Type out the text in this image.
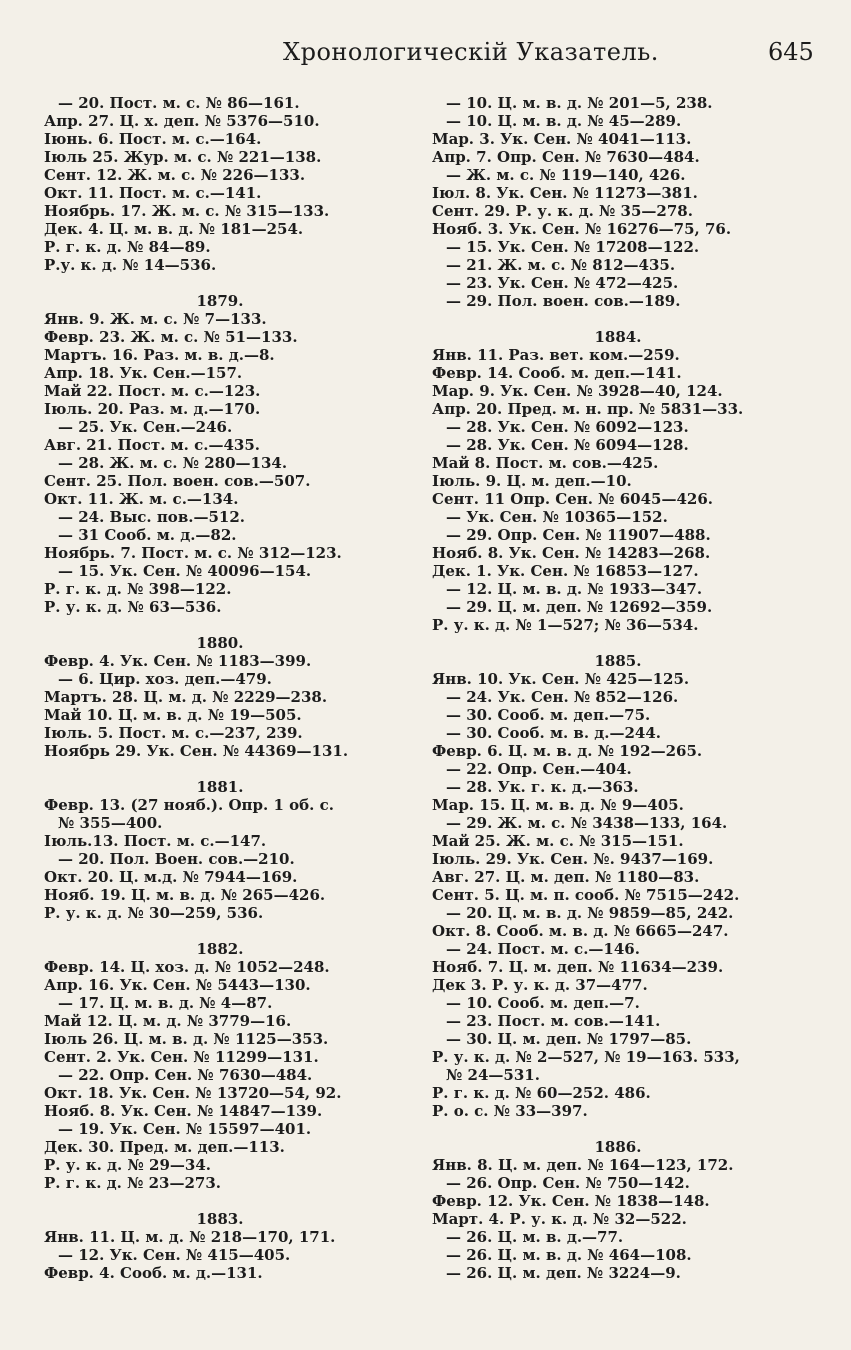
Хронологическій Указатель.	645
— 20. Пост. м. с. № 86—161.
Апр. 27. Ц. х. деп. № 5376—510.
Іюнь. 6. Пост. м. с.—164.
Іюль 25. Жур. м. с. № 221—138.
Сент. 12. Ж. м. с. № 226—133.
Окт. 11. Пост. м. с.—141.
Ноябрь. 17. Ж. м. с. № 315—133.
Дек. 4. Ц. м. в. д. № 181—254.
Р. г. к. д. № 84—89.
Р.у. к. д. № 14—536.
1879.
Янв. 9. Ж. м. с. № 7—133.
Февр. 23. Ж. м. с. № 51—133.
Мартъ. 16. Раз. м. в. д.—8.
Апр. 18. Ук. Сен.—157.
Май 22. Пост. м. с.—123.
Іюль. 20. Раз. м. д.—170.
— 25. Ук. Сен.—246.
Авг. 21. Пост. м. с.—435.
— 28. Ж. м. с. № 280—134.
Сент. 25. Пол. воен. сов.—507.
Окт. 11. Ж. м. с.—134.
— 24. Выс. пов.—512.
— 31 Сооб. м. д.—82.
Ноябрь. 7. Пост. м. с. № 312—123.
— 15. Ук. Сен. № 40096—154.
Р. г. к. д. № 398—122.
Р. у. к. д. № 63—536.
1880.
Февр. 4. Ук. Сен. № 1183—399.
— 6. Цир. хоз. деп.—479.
Мартъ. 28. Ц. м. д. № 2229—238.
Май 10. Ц. м. в. д. № 19—505.
Іюль. 5. Пост. м. с.—237, 239.
Ноябрь 29. Ук. Сен. № 44369—131.
1881.
Февр. 13. (27 нояб.). Опр. 1 об. с.
№ 355—400.
Іюль.13. Пост. м. с.—147.
— 20. Пол. Воен. сов.—210.
Окт. 20. Ц. м.д. № 7944—169.
Нояб. 19. Ц. м. в. д. № 265—426.
Р. у. к. д. № 30—259, 536.
1882.
Февр. 14. Ц. хоз. д. № 1052—248.
Апр. 16. Ук. Сен. № 5443—130.
— 17. Ц. м. в. д. № 4—87.
Май 12. Ц. м. д. № 3779—16.
Іюль 26. Ц. м. в. д. № 1125—353.
Сент. 2. Ук. Сен. № 11299—131.
— 22. Опр. Сен. № 7630—484.
Окт. 18. Ук. Сен. № 13720—54, 92.
Нояб. 8. Ук. Сен. № 14847—139.
— 19. Ук. Сен. № 15597—401.
Дек. 30. Пред. м. деп.—113.
Р. у. к. д. № 29—34.
Р. г. к. д. № 23—273.
1883.
Янв. 11. Ц. м. д. № 218—170, 171.
— 12. Ук. Сен. № 415—405.
Февр. 4. Сооб. м. д.—131.
— 10. Ц. м. в. д. № 201—5, 238.
— 10. Ц. м. в. д. № 45—289.
Мар. 3. Ук. Сен. № 4041—113.
Апр. 7. Опр. Сен. № 7630—484.
— Ж. м. с. № 119—140, 426.
Іюл. 8. Ук. Сен. № 11273—381.
Сент. 29. Р. у. к. д. № 35—278.
Нояб. 3. Ук. Сен. № 16276—75, 76.
— 15. Ук. Сен. № 17208—122.
— 21. Ж. м. с. № 812—435.
— 23. Ук. Сен. № 472—425.
— 29. Пол. воен. сов.—189.
1884.
Янв. 11. Раз. вет. ком.—259.
Февр. 14. Сооб. м. деп.—141.
Мар. 9. Ук. Сен. № 3928—40, 124.
Апр. 20. Пред. м. н. пр. № 5831—33.
— 28. Ук. Сен. № 6092—123.
— 28. Ук. Сен. № 6094—128.
Май 8. Пост. м. сов.—425.
Іюль. 9. Ц. м. деп.—10.
Сент. 11 Опр. Сен. № 6045—426.
— Ук. Сен. № 10365—152.
— 29. Опр. Сен. № 11907—488.
Нояб. 8. Ук. Сен. № 14283—268.
Дек. 1. Ук. Сен. № 16853—127.
— 12. Ц. м. в. д. № 1933—347.
— 29. Ц. м. деп. № 12692—359.
Р. у. к. д. № 1—527; № 36—534.
1885.
Янв. 10. Ук. Сен. № 425—125.
— 24. Ук. Сен. № 852—126.
— 30. Сооб. м. деп.—75.
— 30. Сооб. м. в. д.—244.
Февр. 6. Ц. м. в. д. № 192—265.
— 22. Опр. Сен.—404.
— 28. Ук. г. к. д.—363.
Мар. 15. Ц. м. в. д. № 9—405.
— 29. Ж. м. с. № 3438—133, 164.
Май 25. Ж. м. с. № 315—151.
Іюль. 29. Ук. Сен. №. 9437—169.
Авг. 27. Ц. м. деп. № 1180—83.
Сент. 5. Ц. м. п. сооб. № 7515—242.
— 20. Ц. м. в. д. № 9859—85, 242.
Окт. 8. Сооб. м. в. д. № 6665—247.
— 24. Пост. м. с.—146.
Нояб. 7. Ц. м. деп. № 11634—239.
Дек 3. Р. у. к. д. 37—477.
— 10. Сооб. м. деп.—7.
— 23. Пост. м. сов.—141.
— 30. Ц. м. деп. № 1797—85.
Р. у. к. д. № 2—527, № 19—163. 533,
№ 24—531.
Р. г. к. д. № 60—252. 486.
Р. о. с. № 33—397.
1886.
Янв. 8. Ц. м. деп. № 164—123, 172.
— 26. Опр. Сен. № 750—142.
Февр. 12. Ук. Сен. № 1838—148.
Март. 4. Р. у. к. д. № 32—522.
— 26. Ц. м. в. д.—77.
— 26. Ц. м. в. д. № 464—108.
— 26. Ц. м. деп. № 3224—9.
